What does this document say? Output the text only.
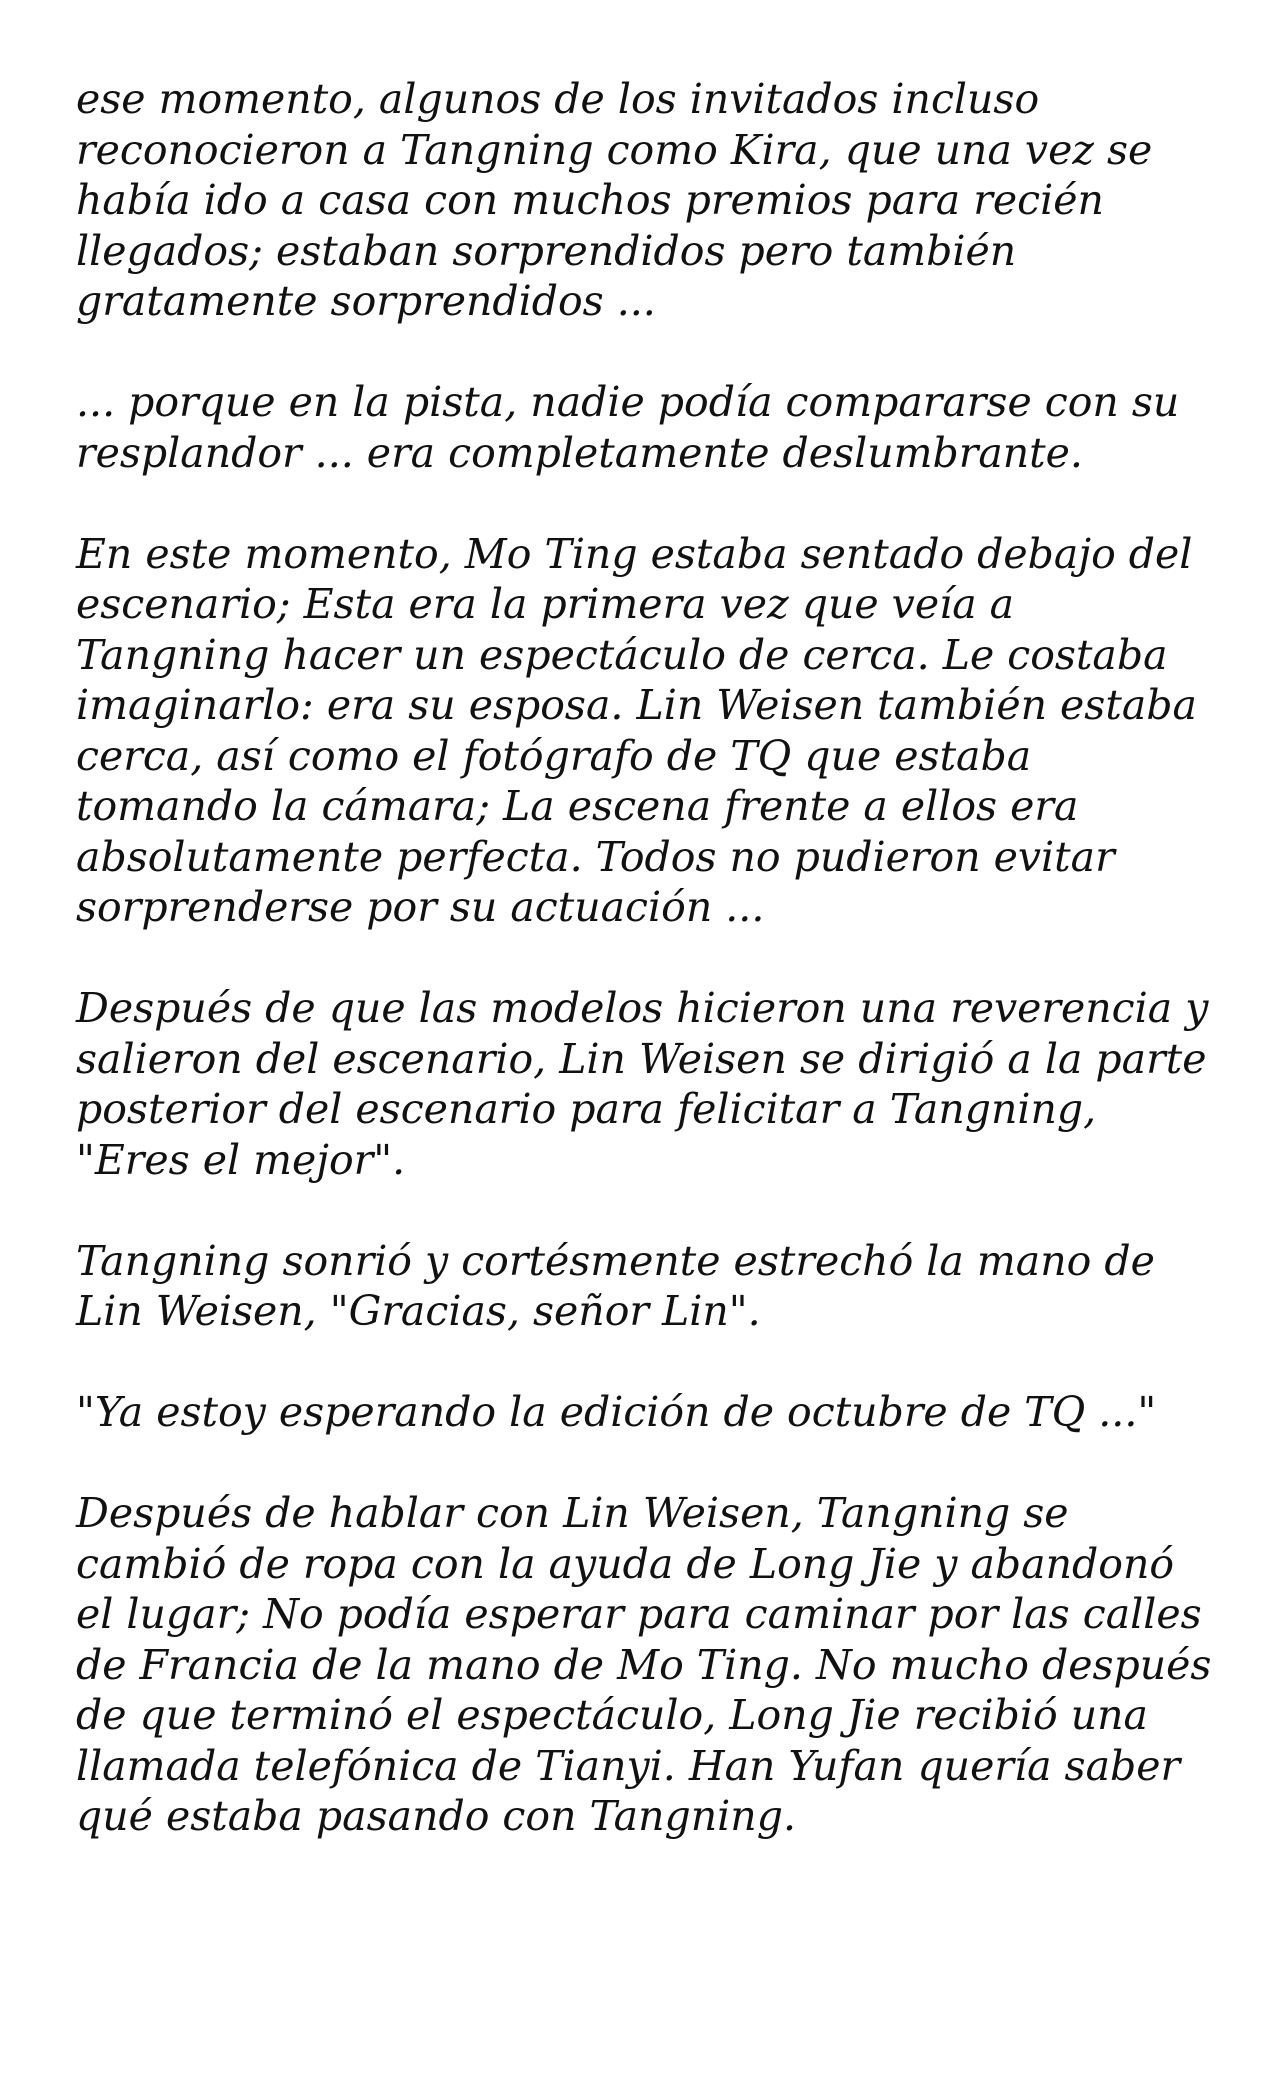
ese momento, algunos de los invitados incluso reconocieron a Tangning como Kira, que una vez se había ido a casa con muchos premios para recién llegados; estaban sorprendidos pero también gratamente sorprendidos ...

... porque en la pista, nadie podía compararse con su resplandor ... era completamente deslumbrante.

En este momento, Mo Ting estaba sentado debajo del escenario; Esta era la primera vez que veía a Tangning hacer un espectáculo de cerca. Le costaba imaginarlo: era su esposa. Lin Weisen también estaba cerca, así como el fotógrafo de TQ que estaba tomando la cámara; La escena frente a ellos era absolutamente perfecta. Todos no pudieron evitar sorprenderse por su actuación ...

Después de que las modelos hicieron una reverencia y salieron del escenario, Lin Weisen se dirigió a la parte posterior del escenario para felicitar a Tangning, "Eres el mejor".

Tangning sonrió y cortésmente estrechó la mano de Lin Weisen, "Gracias, señor Lin".

"Ya estoy esperando la edición de octubre de TQ ..."

Después de hablar con Lin Weisen, Tangning se cambió de ropa con la ayuda de Long Jie y abandonó el lugar; No podía esperar para caminar por las calles de Francia de la mano de Mo Ting. No mucho después de que terminó el espectáculo, Long Jie recibió una llamada telefónica de Tianyi. Han Yufan quería saber qué estaba pasando con Tangning.
